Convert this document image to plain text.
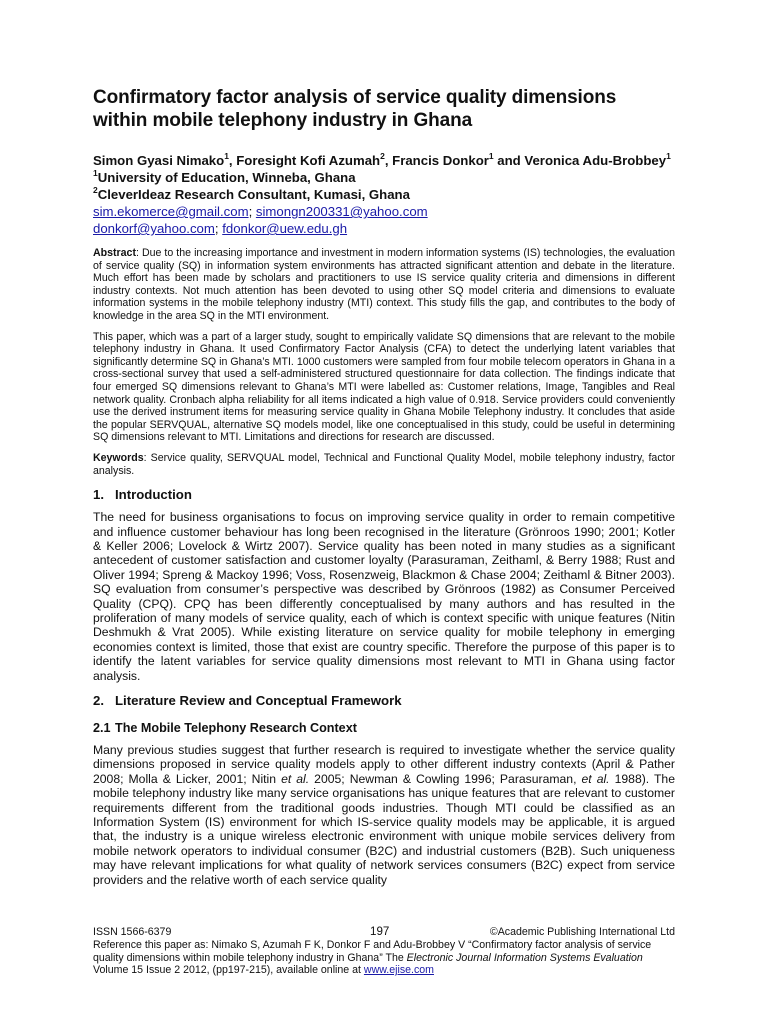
Confirmatory factor analysis of service quality dimensions within mobile telephony industry in Ghana

Simon Gyasi Nimako$^1$, Foresight Kofi Azumah$^2$, Francis Donkor$^1$ and Veronica Adu-Brobbey$^1$

$^1$University of Education, Winneba, Ghana

$^2$CleverIdeaz Research Consultant, Kumasi, Ghana

sim.ekomerce@gmail.com; simongn200331@yahoo.com

donkorf@yahoo.com; fdonkor@uew.edu.gh

Abstract: Due to the increasing importance and investment in modern information systems (IS) technologies, the evaluation of service quality (SQ) in information system environments has attracted significant attention and debate in the literature. Much effort has been made by scholars and practitioners to use IS service quality criteria and dimensions in different industry contexts. Not much attention has been devoted to using other SQ model criteria and dimensions to evaluate information systems in the mobile telephony industry (MTI) context. This study fills the gap, and contributes to the body of knowledge in the area SQ in the MTI environment.

This paper, which was a part of a larger study, sought to empirically validate SQ dimensions that are relevant to the mobile telephony industry in Ghana. It used Confirmatory Factor Analysis (CFA) to detect the underlying latent variables that significantly determine SQ in Ghana’s MTI. 1000 customers were sampled from four mobile telecom operators in Ghana in a cross-sectional survey that used a self-administered structured questionnaire for data collection. The findings indicate that four emerged SQ dimensions relevant to Ghana’s MTI were labelled as: Customer relations, Image, Tangibles and Real network quality. Cronbach alpha reliability for all items indicated a high value of 0.918. Service providers could conveniently use the derived instrument items for measuring service quality in Ghana Mobile Telephony industry. It concludes that aside the popular SERVQUAL, alternative SQ models model, like one conceptualised in this study, could be useful in determining SQ dimensions relevant to MTI. Limitations and directions for research are discussed.

Keywords: Service quality, SERVQUAL model, Technical and Functional Quality Model, mobile telephony industry, factor analysis.

1. Introduction

The need for business organisations to focus on improving service quality in order to remain competitive and influence customer behaviour has long been recognised in the literature (Grönroos 1990; 2001; Kotler & Keller 2006; Lovelock & Wirtz 2007). Service quality has been noted in many studies as a significant antecedent of customer satisfaction and customer loyalty (Parasuraman, Zeithaml, & Berry 1988; Rust and Oliver 1994; Spreng & Mackoy 1996; Voss, Rosenzweig, Blackmon & Chase 2004; Zeithaml & Bitner 2003). SQ evaluation from consumer’s perspective was described by Grönroos (1982) as Consumer Perceived Quality (CPQ). CPQ has been differently conceptualised by many authors and has resulted in the proliferation of many models of service quality, each of which is context specific with unique features (Nitin Deshmukh & Vrat 2005). While existing literature on service quality for mobile telephony in emerging economies context is limited, those that exist are country specific. Therefore the purpose of this paper is to identify the latent variables for service quality dimensions most relevant to MTI in Ghana using factor analysis.

2. Literature Review and Conceptual Framework
2.1 The Mobile Telephony Research Context

Many previous studies suggest that further research is required to investigate whether the service quality dimensions proposed in service quality models apply to other different industry contexts (April & Pather 2008; Molla & Licker, 2001; Nitin et al. 2005; Newman & Cowling 1996; Parasuraman, et al. 1988). The mobile telephony industry like many service organisations has unique features that are relevant to customer requirements different from the traditional goods industries. Though MTI could be classified as an Information System (IS) environment for which IS-service quality models may be applicable, it is argued that, the industry is a unique wireless electronic environment with unique mobile services delivery from mobile network operators to individual consumer (B2C) and industrial customers (B2B). Such uniqueness may have relevant implications for what quality of network services consumers (B2C) expect from service providers and the relative worth of each service quality

ISSN 1566-6379	197	©Academic Publishing International Ltd

Reference this paper as: Nimako S, Azumah F K, Donkor F and Adu-Brobbey V “Confirmatory factor analysis of service quality dimensions within mobile telephony industry in Ghana” The Electronic Journal Information Systems Evaluation Volume 15 Issue 2 2012, (pp197-215), available online at www.ejise.com
